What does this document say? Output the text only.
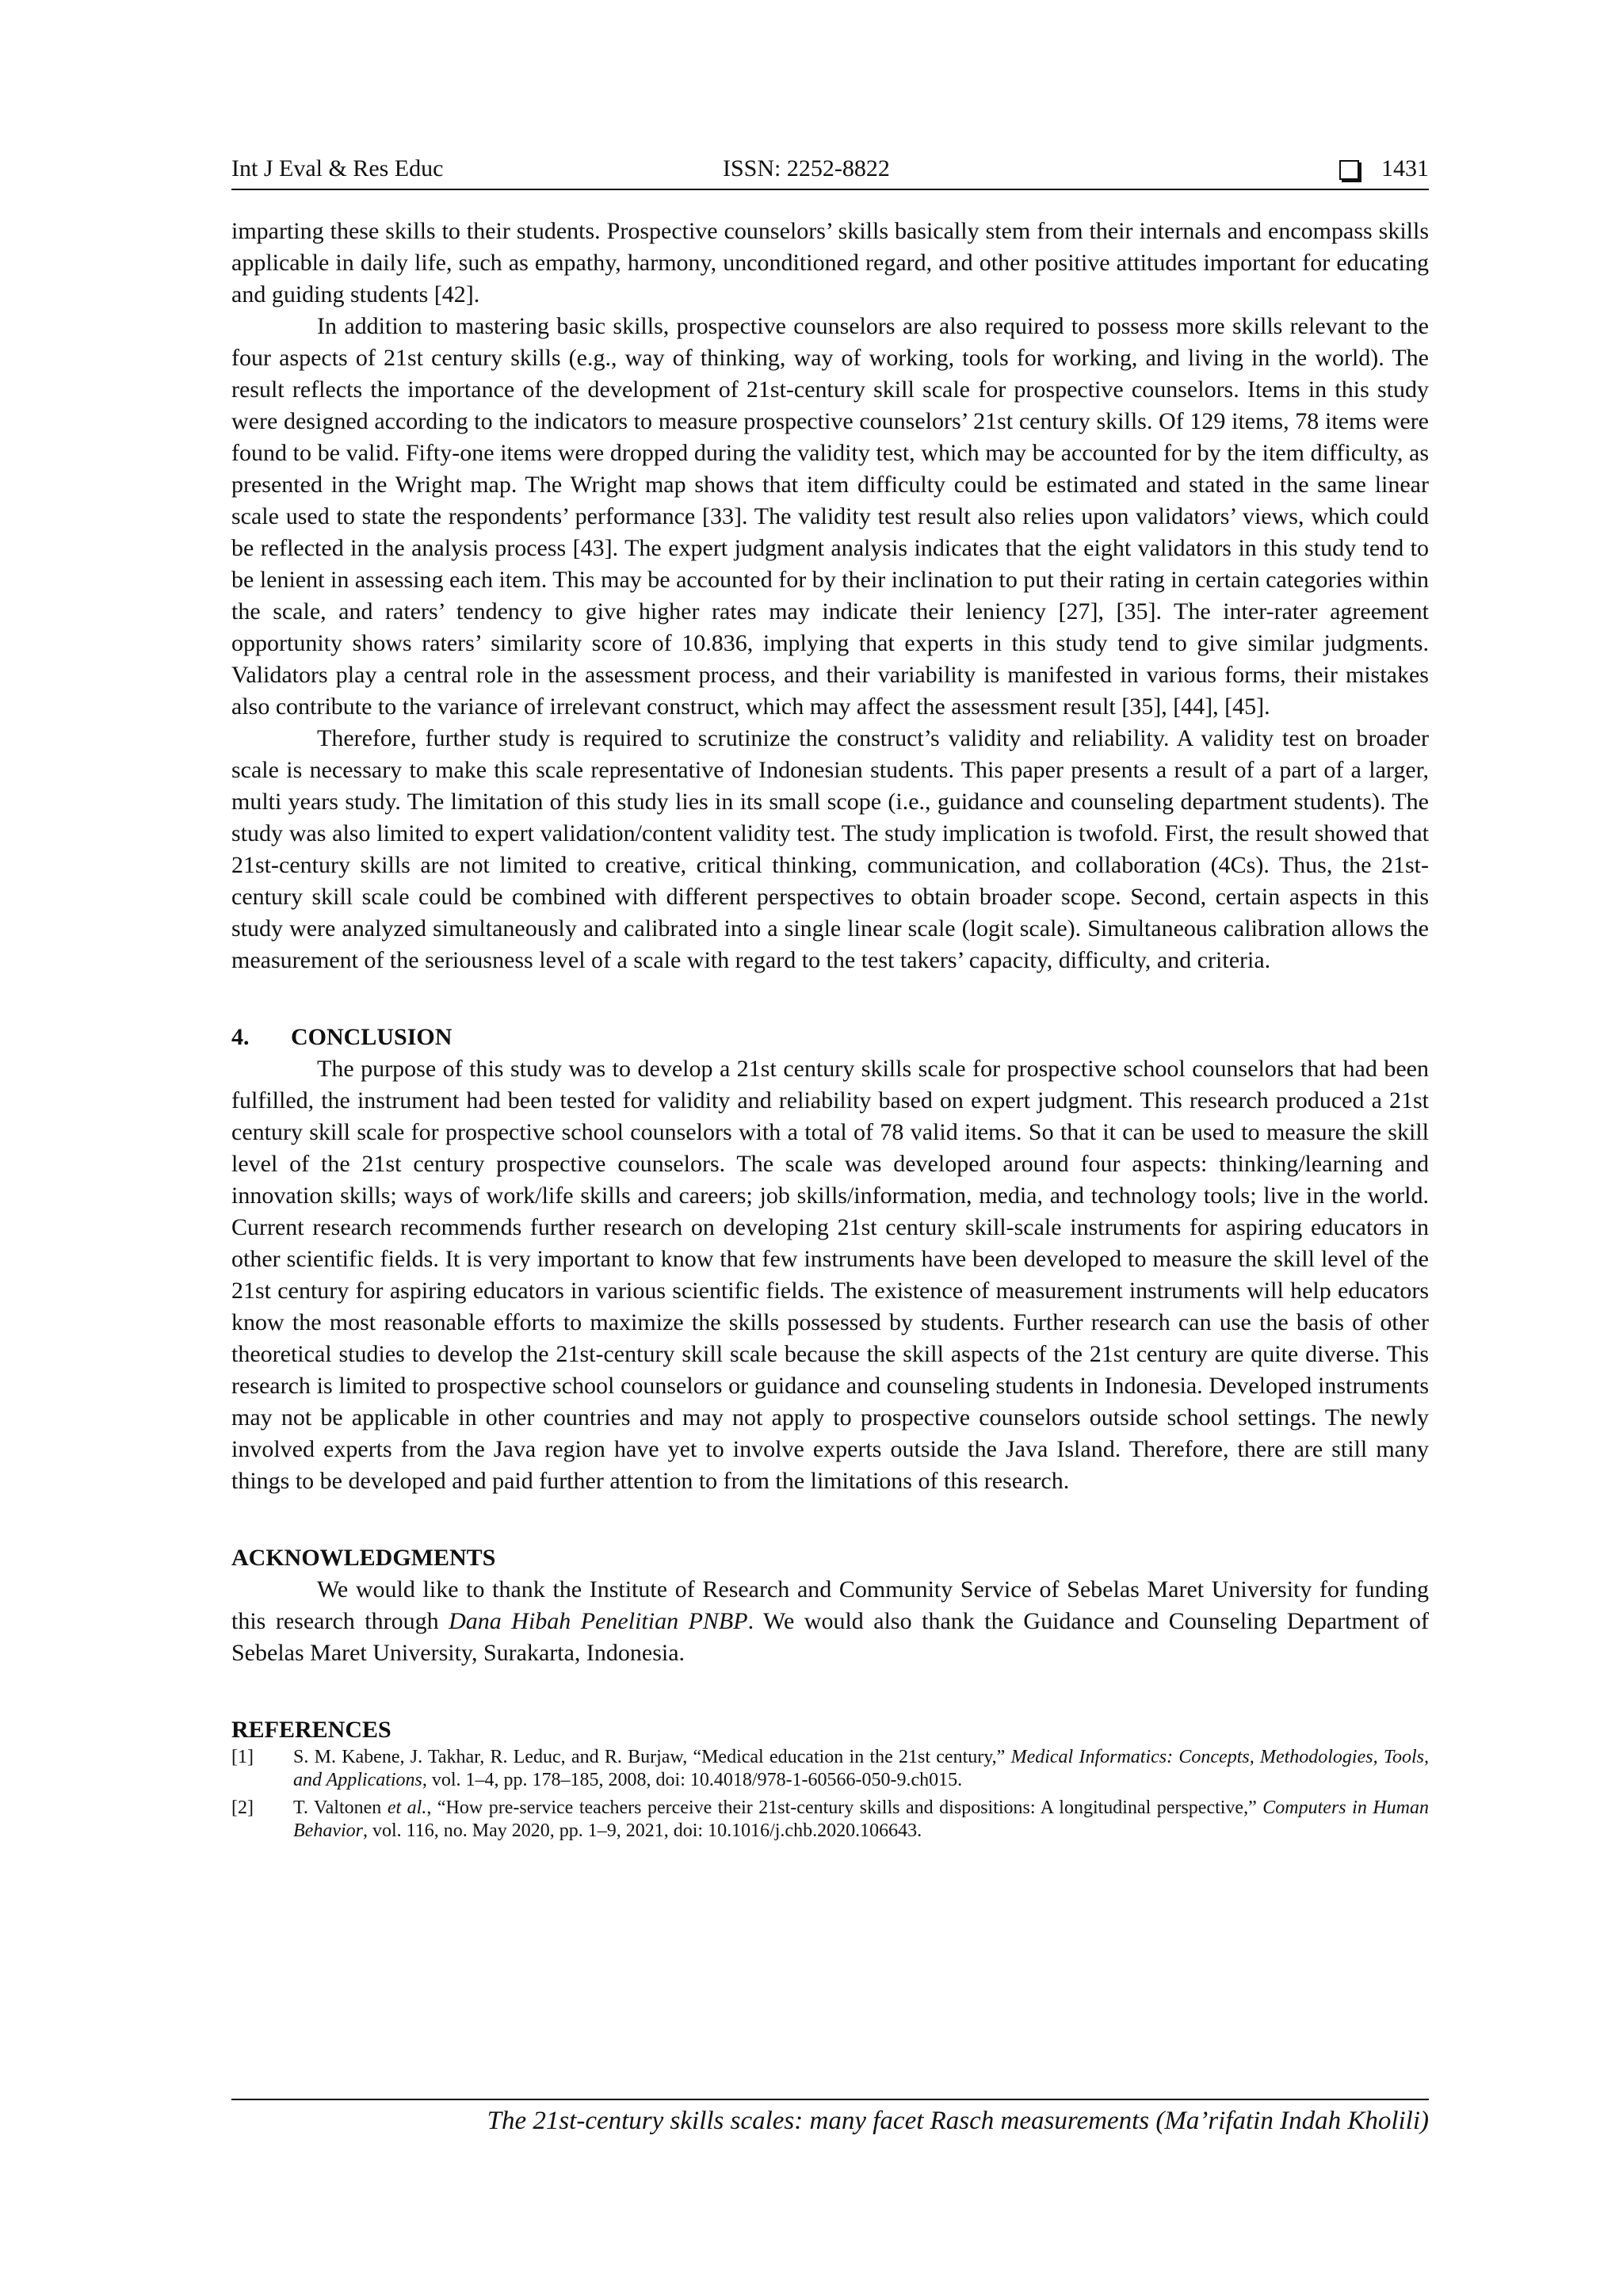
Int J Eval & Res Educ	ISSN: 2252-8822	1431

imparting these skills to their students. Prospective counselors’ skills basically stem from their internals and encompass skills applicable in daily life, such as empathy, harmony, unconditioned regard, and other positive attitudes important for educating and guiding students [42].

In addition to mastering basic skills, prospective counselors are also required to possess more skills relevant to the four aspects of 21st century skills (e.g., way of thinking, way of working, tools for working, and living in the world). The result reflects the importance of the development of 21st-century skill scale for prospective counselors. Items in this study were designed according to the indicators to measure prospective counselors’ 21st century skills. Of 129 items, 78 items were found to be valid. Fifty-one items were dropped during the validity test, which may be accounted for by the item difficulty, as presented in the Wright map. The Wright map shows that item difficulty could be estimated and stated in the same linear scale used to state the respondents’ performance [33]. The validity test result also relies upon validators’ views, which could be reflected in the analysis process [43]. The expert judgment analysis indicates that the eight validators in this study tend to be lenient in assessing each item. This may be accounted for by their inclination to put their rating in certain categories within the scale, and raters’ tendency to give higher rates may indicate their leniency [27], [35]. The inter-rater agreement opportunity shows raters’ similarity score of 10.836, implying that experts in this study tend to give similar judgments. Validators play a central role in the assessment process, and their variability is manifested in various forms, their mistakes also contribute to the variance of irrelevant construct, which may affect the assessment result [35], [44], [45].

Therefore, further study is required to scrutinize the construct’s validity and reliability. A validity test on broader scale is necessary to make this scale representative of Indonesian students. This paper presents a result of a part of a larger, multi years study. The limitation of this study lies in its small scope (i.e., guidance and counseling department students). The study was also limited to expert validation/content validity test. The study implication is twofold. First, the result showed that 21st-century skills are not limited to creative, critical thinking, communication, and collaboration (4Cs). Thus, the 21st-century skill scale could be combined with different perspectives to obtain broader scope. Second, certain aspects in this study were analyzed simultaneously and calibrated into a single linear scale (logit scale). Simultaneous calibration allows the measurement of the seriousness level of a scale with regard to the test takers’ capacity, difficulty, and criteria.

4. CONCLUSION

The purpose of this study was to develop a 21st century skills scale for prospective school counselors that had been fulfilled, the instrument had been tested for validity and reliability based on expert judgment. This research produced a 21st century skill scale for prospective school counselors with a total of 78 valid items. So that it can be used to measure the skill level of the 21st century prospective counselors. The scale was developed around four aspects: thinking/learning and innovation skills; ways of work/life skills and careers; job skills/information, media, and technology tools; live in the world. Current research recommends further research on developing 21st century skill-scale instruments for aspiring educators in other scientific fields. It is very important to know that few instruments have been developed to measure the skill level of the 21st century for aspiring educators in various scientific fields. The existence of measurement instruments will help educators know the most reasonable efforts to maximize the skills possessed by students. Further research can use the basis of other theoretical studies to develop the 21st-century skill scale because the skill aspects of the 21st century are quite diverse. This research is limited to prospective school counselors or guidance and counseling students in Indonesia. Developed instruments may not be applicable in other countries and may not apply to prospective counselors outside school settings. The newly involved experts from the Java region have yet to involve experts outside the Java Island. Therefore, there are still many things to be developed and paid further attention to from the limitations of this research.

ACKNOWLEDGMENTS

We would like to thank the Institute of Research and Community Service of Sebelas Maret University for funding this research through Dana Hibah Penelitian PNBP. We would also thank the Guidance and Counseling Department of Sebelas Maret University, Surakarta, Indonesia.

REFERENCES
[1]	S. M. Kabene, J. Takhar, R. Leduc, and R. Burjaw, “Medical education in the 21st century,” Medical Informatics: Concepts, Methodologies, Tools, and Applications, vol. 1–4, pp. 178–185, 2008, doi: 10.4018/978-1-60566-050-9.ch015.
[2]	T. Valtonen et al., “How pre-service teachers perceive their 21st-century skills and dispositions: A longitudinal perspective,” Computers in Human Behavior, vol. 116, no. May 2020, pp. 1–9, 2021, doi: 10.1016/j.chb.2020.106643.
The 21st-century skills scales: many facet Rasch measurements (Ma’rifatin Indah Kholili)
